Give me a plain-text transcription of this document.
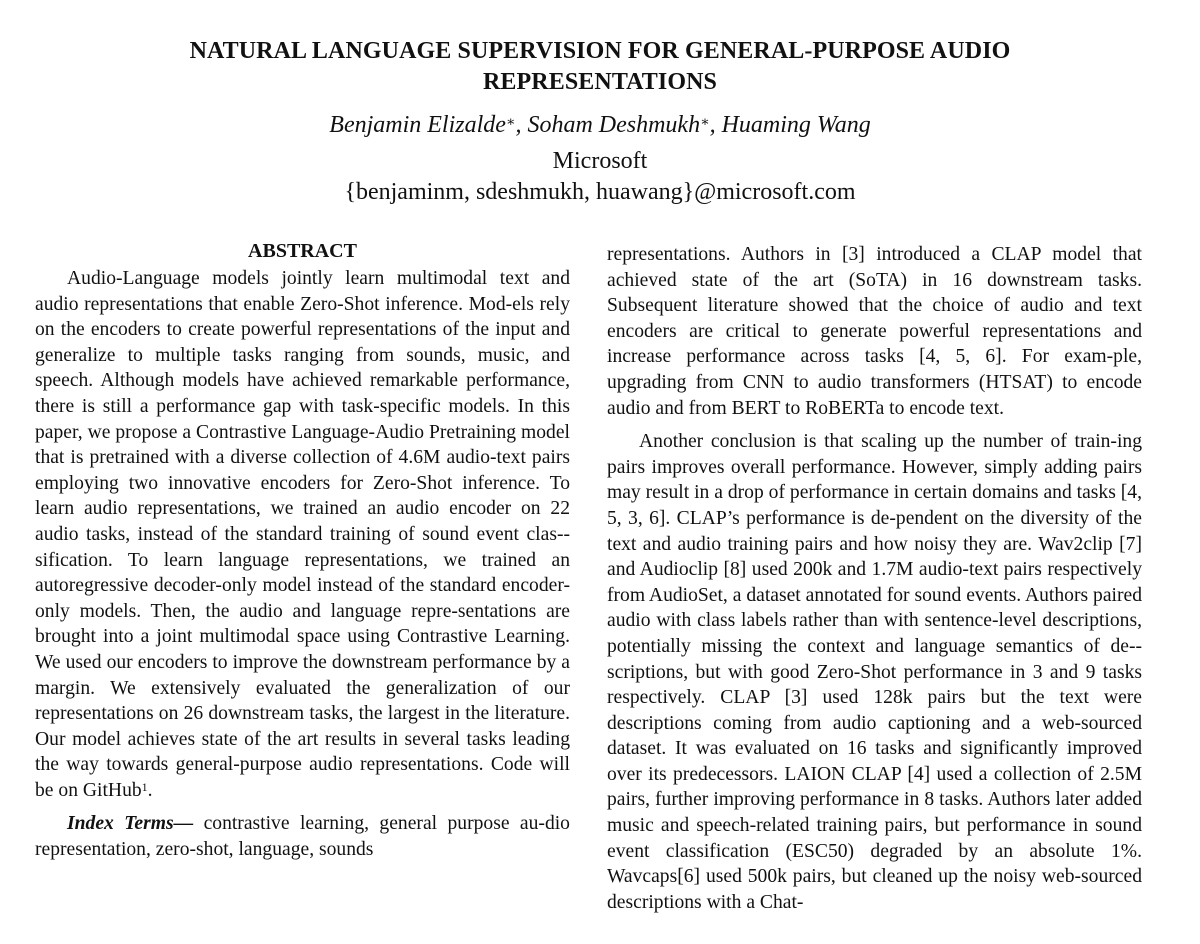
NATURAL LANGUAGE SUPERVISION FOR GENERAL-PURPOSE AUDIO
REPRESENTATIONS
Benjamin Elizalde∗, Soham Deshmukh∗, Huaming Wang
Microsoft
{benjaminm, sdeshmukh, huawang}@microsoft.com
ABSTRACT

Audio-Language models jointly learn multimodal text and audio representations that enable Zero-Shot inference. Mod-els rely on the encoders to create powerful representations of the input and generalize to multiple tasks ranging from sounds, music, and speech. Although models have achieved remarkable performance, there is still a performance gap with task-specific models. In this paper, we propose a Contrastive Language-Audio Pretraining model that is pretrained with a diverse collection of 4.6M audio-text pairs employing two innovative encoders for Zero-Shot inference. To learn audio representations, we trained an audio encoder on 22 audio tasks, instead of the standard training of sound event clas-sification. To learn language representations, we trained an autoregressive decoder-only model instead of the standard encoder-only models. Then, the audio and language repre-sentations are brought into a joint multimodal space using Contrastive Learning. We used our encoders to improve the downstream performance by a margin. We extensively evaluated the generalization of our representations on 26 downstream tasks, the largest in the literature. Our model achieves state of the art results in several tasks leading the way towards general-purpose audio representations. Code will be on GitHub$^1$.

Index Terms— contrastive learning, general purpose au-dio representation, zero-shot, language, sounds

representations. Authors in [3] introduced a CLAP model that achieved state of the art (SoTA) in 16 downstream tasks. Subsequent literature showed that the choice of audio and text encoders are critical to generate powerful representations and increase performance across tasks [4, 5, 6]. For exam-ple, upgrading from CNN to audio transformers (HTSAT) to encode audio and from BERT to RoBERTa to encode text.

Another conclusion is that scaling up the number of train-ing pairs improves overall performance. However, simply adding pairs may result in a drop of performance in certain domains and tasks [4, 5, 3, 6]. CLAP’s performance is de-pendent on the diversity of the text and audio training pairs and how noisy they are. Wav2clip [7] and Audioclip [8] used 200k and 1.7M audio-text pairs respectively from AudioSet, a dataset annotated for sound events. Authors paired audio with class labels rather than with sentence-level descriptions, potentially missing the context and language semantics of de-scriptions, but with good Zero-Shot performance in 3 and 9 tasks respectively. CLAP [3] used 128k pairs but the text were descriptions coming from audio captioning and a web-sourced dataset. It was evaluated on 16 tasks and significantly improved over its predecessors. LAION CLAP [4] used a collection of 2.5M pairs, further improving performance in 8 tasks. Authors later added music and speech-related training pairs, but performance in sound event classification (ESC50) degraded by an absolute 1%. Wavcaps[6] used 500k pairs, but cleaned up the noisy web-sourced descriptions with a Chat-
